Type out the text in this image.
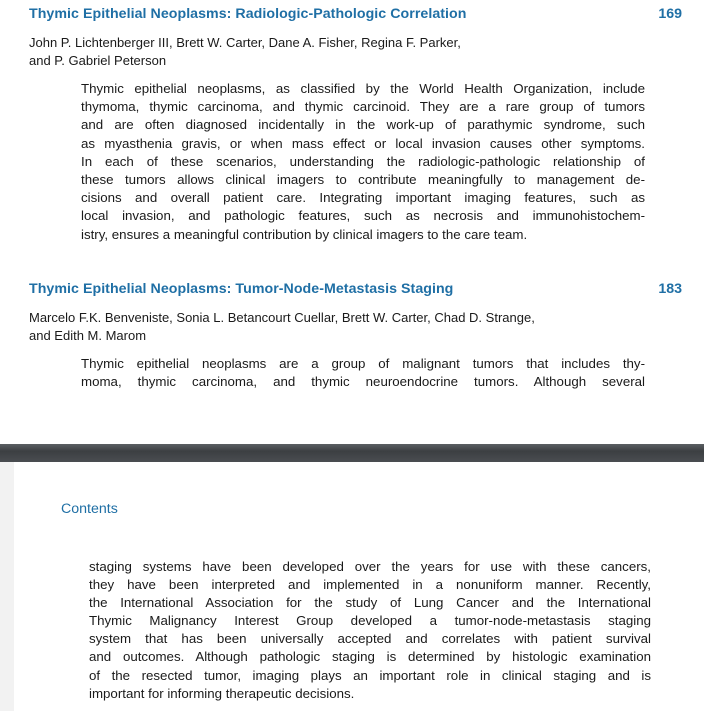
Thymic Epithelial Neoplasms: Radiologic-Pathologic Correlation	169
John P. Lichtenberger III, Brett W. Carter, Dane A. Fisher, Regina F. Parker,
and P. Gabriel Peterson
Thymic epithelial neoplasms, as classified by the World Health Organization, include
thymoma, thymic carcinoma, and thymic carcinoid. They are a rare group of tumors
and are often diagnosed incidentally in the work-up of parathymic syndrome, such
as myasthenia gravis, or when mass effect or local invasion causes other symptoms.
In each of these scenarios, understanding the radiologic-pathologic relationship of
these tumors allows clinical imagers to contribute meaningfully to management de-
cisions and overall patient care. Integrating important imaging features, such as
local invasion, and pathologic features, such as necrosis and immunohistochem-
istry, ensures a meaningful contribution by clinical imagers to the care team.
Thymic Epithelial Neoplasms: Tumor-Node-Metastasis Staging	183
Marcelo F.K. Benveniste, Sonia L. Betancourt Cuellar, Brett W. Carter, Chad D. Strange,
and Edith M. Marom
Thymic epithelial neoplasms are a group of malignant tumors that includes thy-
moma, thymic carcinoma, and thymic neuroendocrine tumors. Although several
Contents
staging systems have been developed over the years for use with these cancers,
they have been interpreted and implemented in a nonuniform manner. Recently,
the International Association for the study of Lung Cancer and the International
Thymic Malignancy Interest Group developed a tumor-node-metastasis staging
system that has been universally accepted and correlates with patient survival
and outcomes. Although pathologic staging is determined by histologic examination
of the resected tumor, imaging plays an important role in clinical staging and is
important for informing therapeutic decisions.
